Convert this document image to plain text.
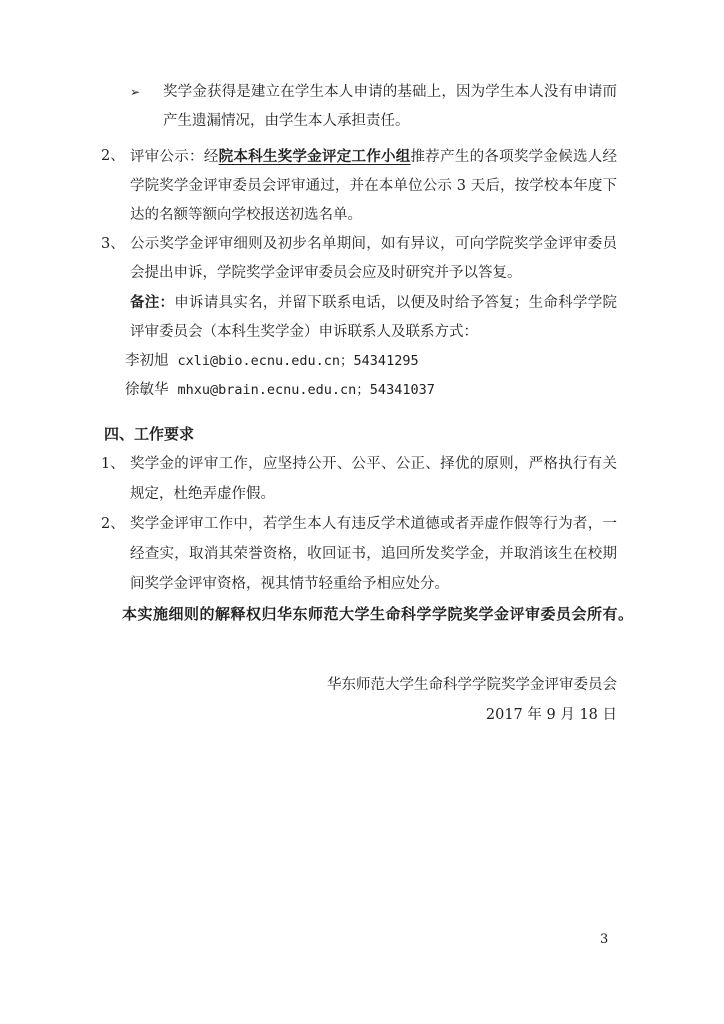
➢	奖学金获得是建立在学生本人申请的基础上，因为学生本人没有申请而产生遗漏情况，由学生本人承担责任。
2、 评审公示：经院本科生奖学金评定工作小组推荐产生的各项奖学金候选人经学院奖学金评审委员会评审通过，并在本单位公示 3 天后，按学校本年度下达的名额等额向学校报送初选名单。
3、 公示奖学金评审细则及初步名单期间，如有异议，可向学院奖学金评审委员会提出申诉，学院奖学金评审委员会应及时研究并予以答复。
备注：申诉请具实名，并留下联系电话，以便及时给予答复；生命科学学院评审委员会（本科生奖学金）申诉联系人及联系方式：
李初旭 cxli@bio.ecnu.edu.cn；54341295
徐敏华 mhxu@brain.ecnu.edu.cn；54341037
四、工作要求
1、 奖学金的评审工作，应坚持公开、公平、公正、择优的原则，严格执行有关规定，杜绝弄虚作假。
2、 奖学金评审工作中，若学生本人有违反学术道德或者弄虚作假等行为者，一经查实，取消其荣誉资格，收回证书，追回所发奖学金，并取消该生在校期间奖学金评审资格，视其情节轻重给予相应处分。
本实施细则的解释权归华东师范大学生命科学学院奖学金评审委员会所有。
华东师范大学生命科学学院奖学金评审委员会
2017 年 9 月 18 日
3
